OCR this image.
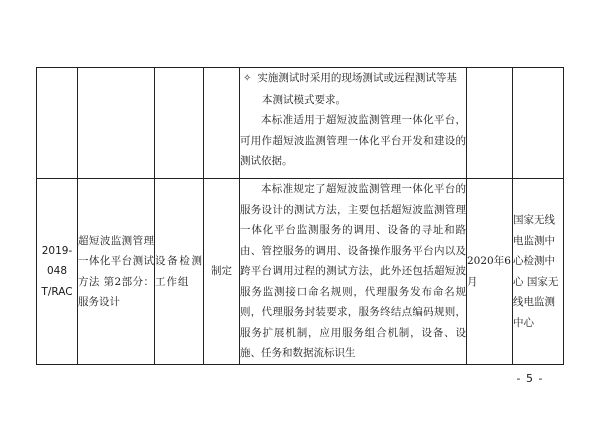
				✧ 实施测试时采用的现场测试或远程测试等基

本测试模式要求。

本标准适用于超短波监测管理一体化平台，可用作超短波监测管理一体化平台开发和建设的测试依据。		

2019-048 T/RAC	超短波监测管理一体化平台测试方法 第2部分：服务设计	设备检测工作组	制定	本标准规定了超短波监测管理一体化平台的服务设计的测试方法，主要包括超短波监测管理一体化平台监测服务的调用、设备的寻址和路由、管控服务的调用、设备操作服务平台内以及跨平台调用过程的测试方法，此外还包括超短波服务监测接口命名规则，代理服务发布命名规则，代理服务封装要求，服务终结点编码规则，服务扩展机制，应用服务组合机制，设备、设施、任务和数据流标识生	2020年6月	国家无线电监测中心检测中心 国家无线电监测中心
- 5 -
